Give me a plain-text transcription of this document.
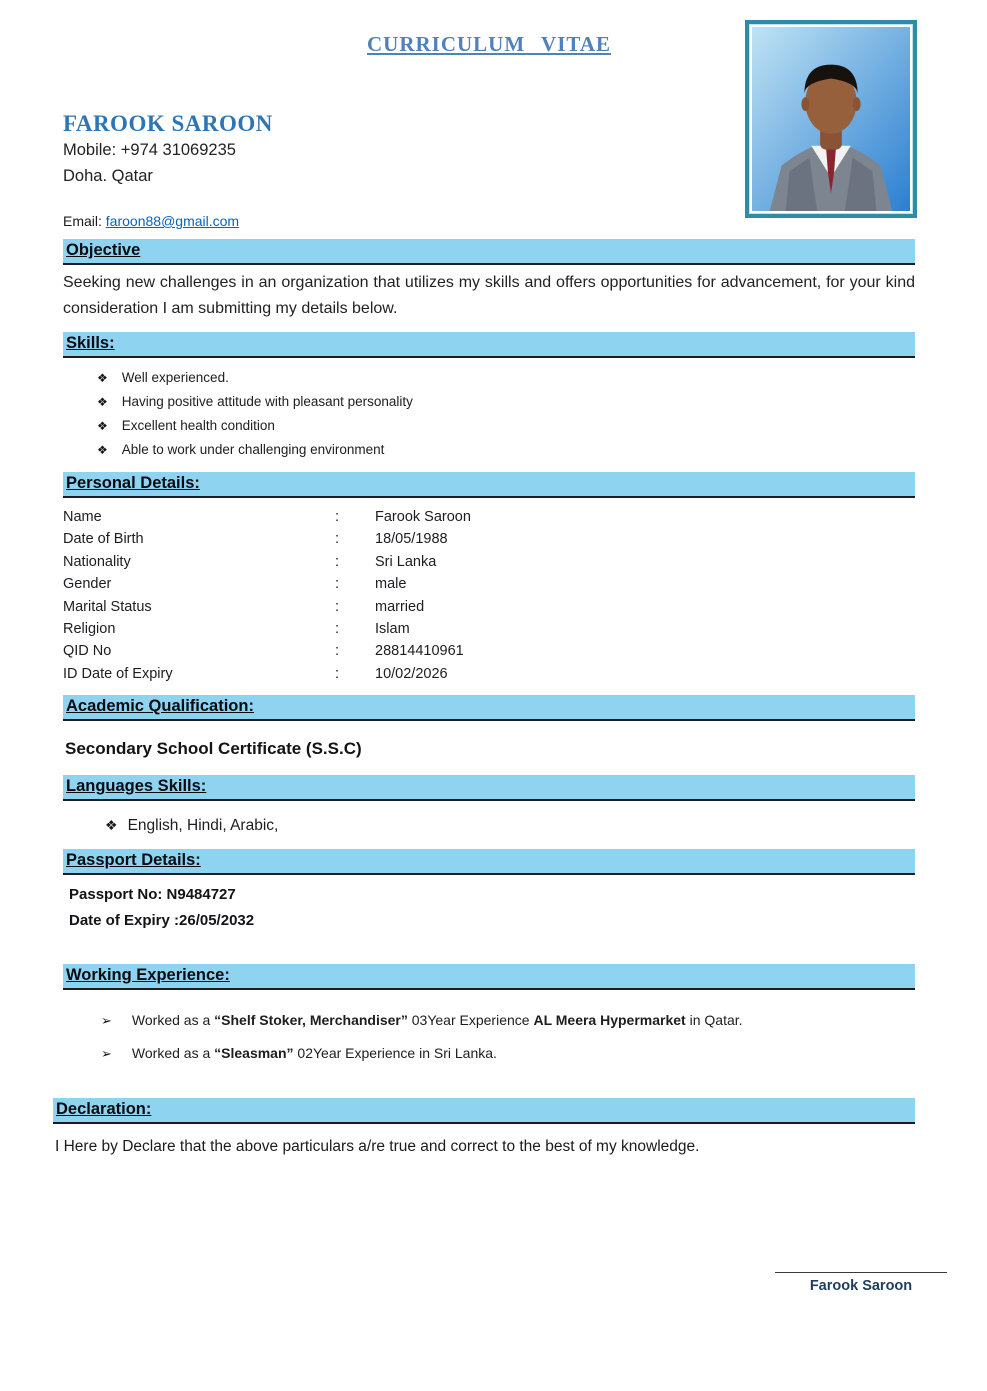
CURRICULUM VITAE
FAROOK SAROON
Mobile: +974 31069235
Doha. Qatar
Email: faroon88@gmail.com
Objective

Seeking new challenges in an organization that utilizes my skills and offers opportunities for advancement, for your kind consideration I am submitting my details below.

Skills:
❖ Well experienced.
❖ Having positive attitude with pleasant personality
❖ Excellent health condition
❖ Able to work under challenging environment
Personal Details:
Name	:	Farook Saroon
Date of Birth	:	18/05/1988
Nationality	:	Sri Lanka
Gender	:	male
Marital Status	:	married
Religion	:	Islam
QID No	:	28814410961
ID Date of Expiry	:	10/02/2026
Academic Qualification:
Secondary School Certificate (S.S.C)
Languages Skills:
❖ English, Hindi, Arabic,
Passport Details:
Passport No: N9484727
Date of Expiry :26/05/2032
Working Experience:
➢ Worked as a “Shelf Stoker, Merchandiser” 03Year Experience AL Meera Hypermarket in Qatar.
➢ Worked as a “Sleasman” 02Year Experience in Sri Lanka.
Declaration:

I Here by Declare that the above particulars a/re true and correct to the best of my knowledge.

Farook Saroon
